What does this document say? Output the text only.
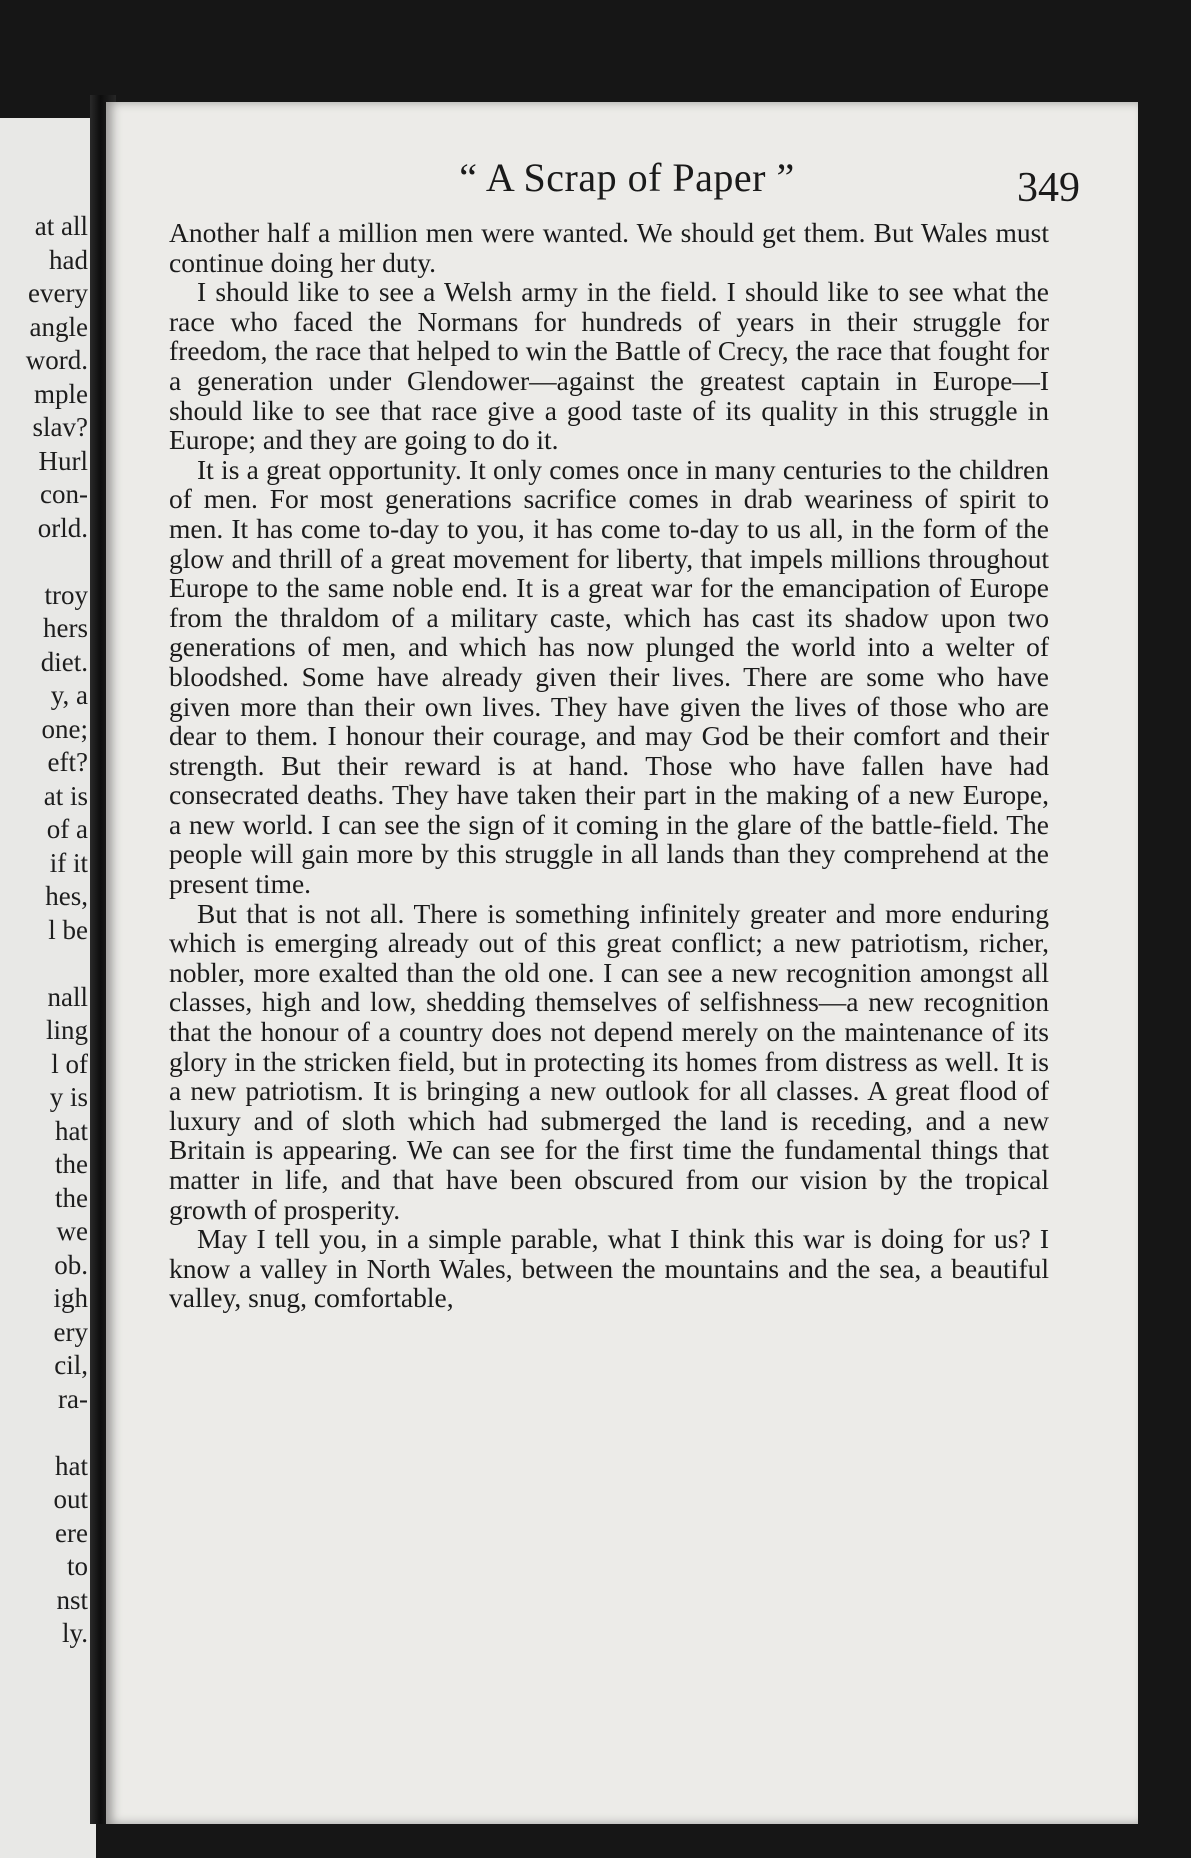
at all
had
every
angle
word.
mple
slav?
Hurl
con-
orld.
troy
hers
diet.
y, a
one;
eft?
at is
of a
if it
hes,
l be
nall
ling
l of
y is
hat
the
the
we
ob.
igh
ery
cil,
ra-
hat
out
ere
to
nst
ly.
“ A Scrap of Paper ”	349

Another half a million men were wanted. We should get them. But Wales must continue doing her duty.

I should like to see a Welsh army in the field. I should like to see what the race who faced the Normans for hundreds of years in their struggle for freedom, the race that helped to win the Battle of Crecy, the race that fought for a generation under Glendower—against the greatest captain in Europe—I should like to see that race give a good taste of its quality in this struggle in Europe; and they are going to do it.

It is a great opportunity. It only comes once in many centuries to the children of men. For most generations sacrifice comes in drab weariness of spirit to men. It has come to-day to you, it has come to-day to us all, in the form of the glow and thrill of a great movement for liberty, that impels millions throughout Europe to the same noble end. It is a great war for the emancipation of Europe from the thraldom of a military caste, which has cast its shadow upon two generations of men, and which has now plunged the world into a welter of bloodshed. Some have already given their lives. There are some who have given more than their own lives. They have given the lives of those who are dear to them. I honour their courage, and may God be their comfort and their strength. But their reward is at hand. Those who have fallen have had consecrated deaths. They have taken their part in the making of a new Europe, a new world. I can see the sign of it coming in the glare of the battle-field. The people will gain more by this struggle in all lands than they comprehend at the present time.

But that is not all. There is something infinitely greater and more enduring which is emerging already out of this great conflict; a new patriotism, richer, nobler, more exalted than the old one. I can see a new recognition amongst all classes, high and low, shedding themselves of selfishness—a new recognition that the honour of a country does not depend merely on the maintenance of its glory in the stricken field, but in protecting its homes from distress as well. It is a new patriotism. It is bringing a new outlook for all classes. A great flood of luxury and of sloth which had submerged the land is receding, and a new Britain is appearing. We can see for the first time the fundamental things that matter in life, and that have been obscured from our vision by the tropical growth of prosperity.

May I tell you, in a simple parable, what I think this war is doing for us? I know a valley in North Wales, between the mountains and the sea, a beautiful valley, snug, comfortable,
